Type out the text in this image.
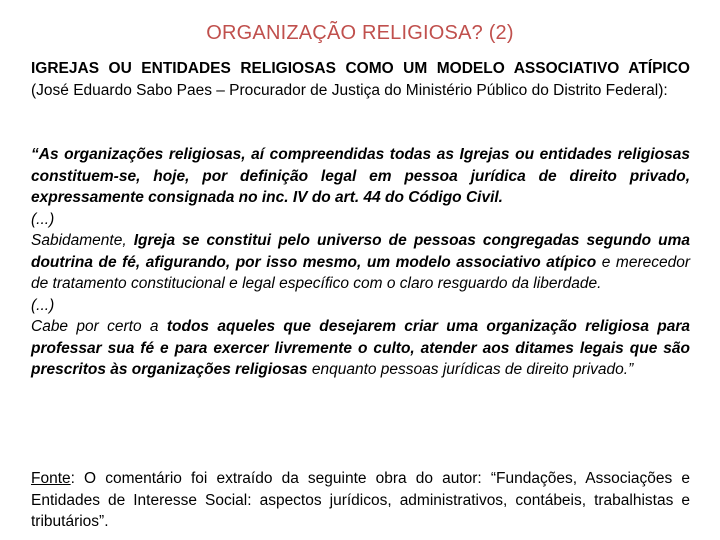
ORGANIZAÇÃO RELIGIOSA? (2)
IGREJAS OU ENTIDADES RELIGIOSAS COMO UM MODELO ASSOCIATIVO ATÍPICO (José Eduardo Sabo Paes – Procurador de Justiça do Ministério Público do Distrito Federal):
“As organizações religiosas, aí compreendidas todas as Igrejas ou entidades religiosas constituem-se, hoje, por definição legal em pessoa jurídica de direito privado, expressamente consignada no inc. IV do art. 44 do Código Civil.
(...)
Sabidamente, Igreja se constitui pelo universo de pessoas congregadas segundo uma doutrina de fé, afigurando, por isso mesmo, um modelo associativo atípico e merecedor de tratamento constitucional e legal específico com o claro resguardo da liberdade.
(...)
Cabe por certo a todos aqueles que desejarem criar uma organização religiosa para professar sua fé e para exercer livremente o culto, atender aos ditames legais que são prescritos às organizações religiosas enquanto pessoas jurídicas de direito privado.”
Fonte: O comentário foi extraído da seguinte obra do autor: “Fundações, Associações e Entidades de Interesse Social: aspectos jurídicos, administrativos, contábeis, trabalhistas e tributários”.
